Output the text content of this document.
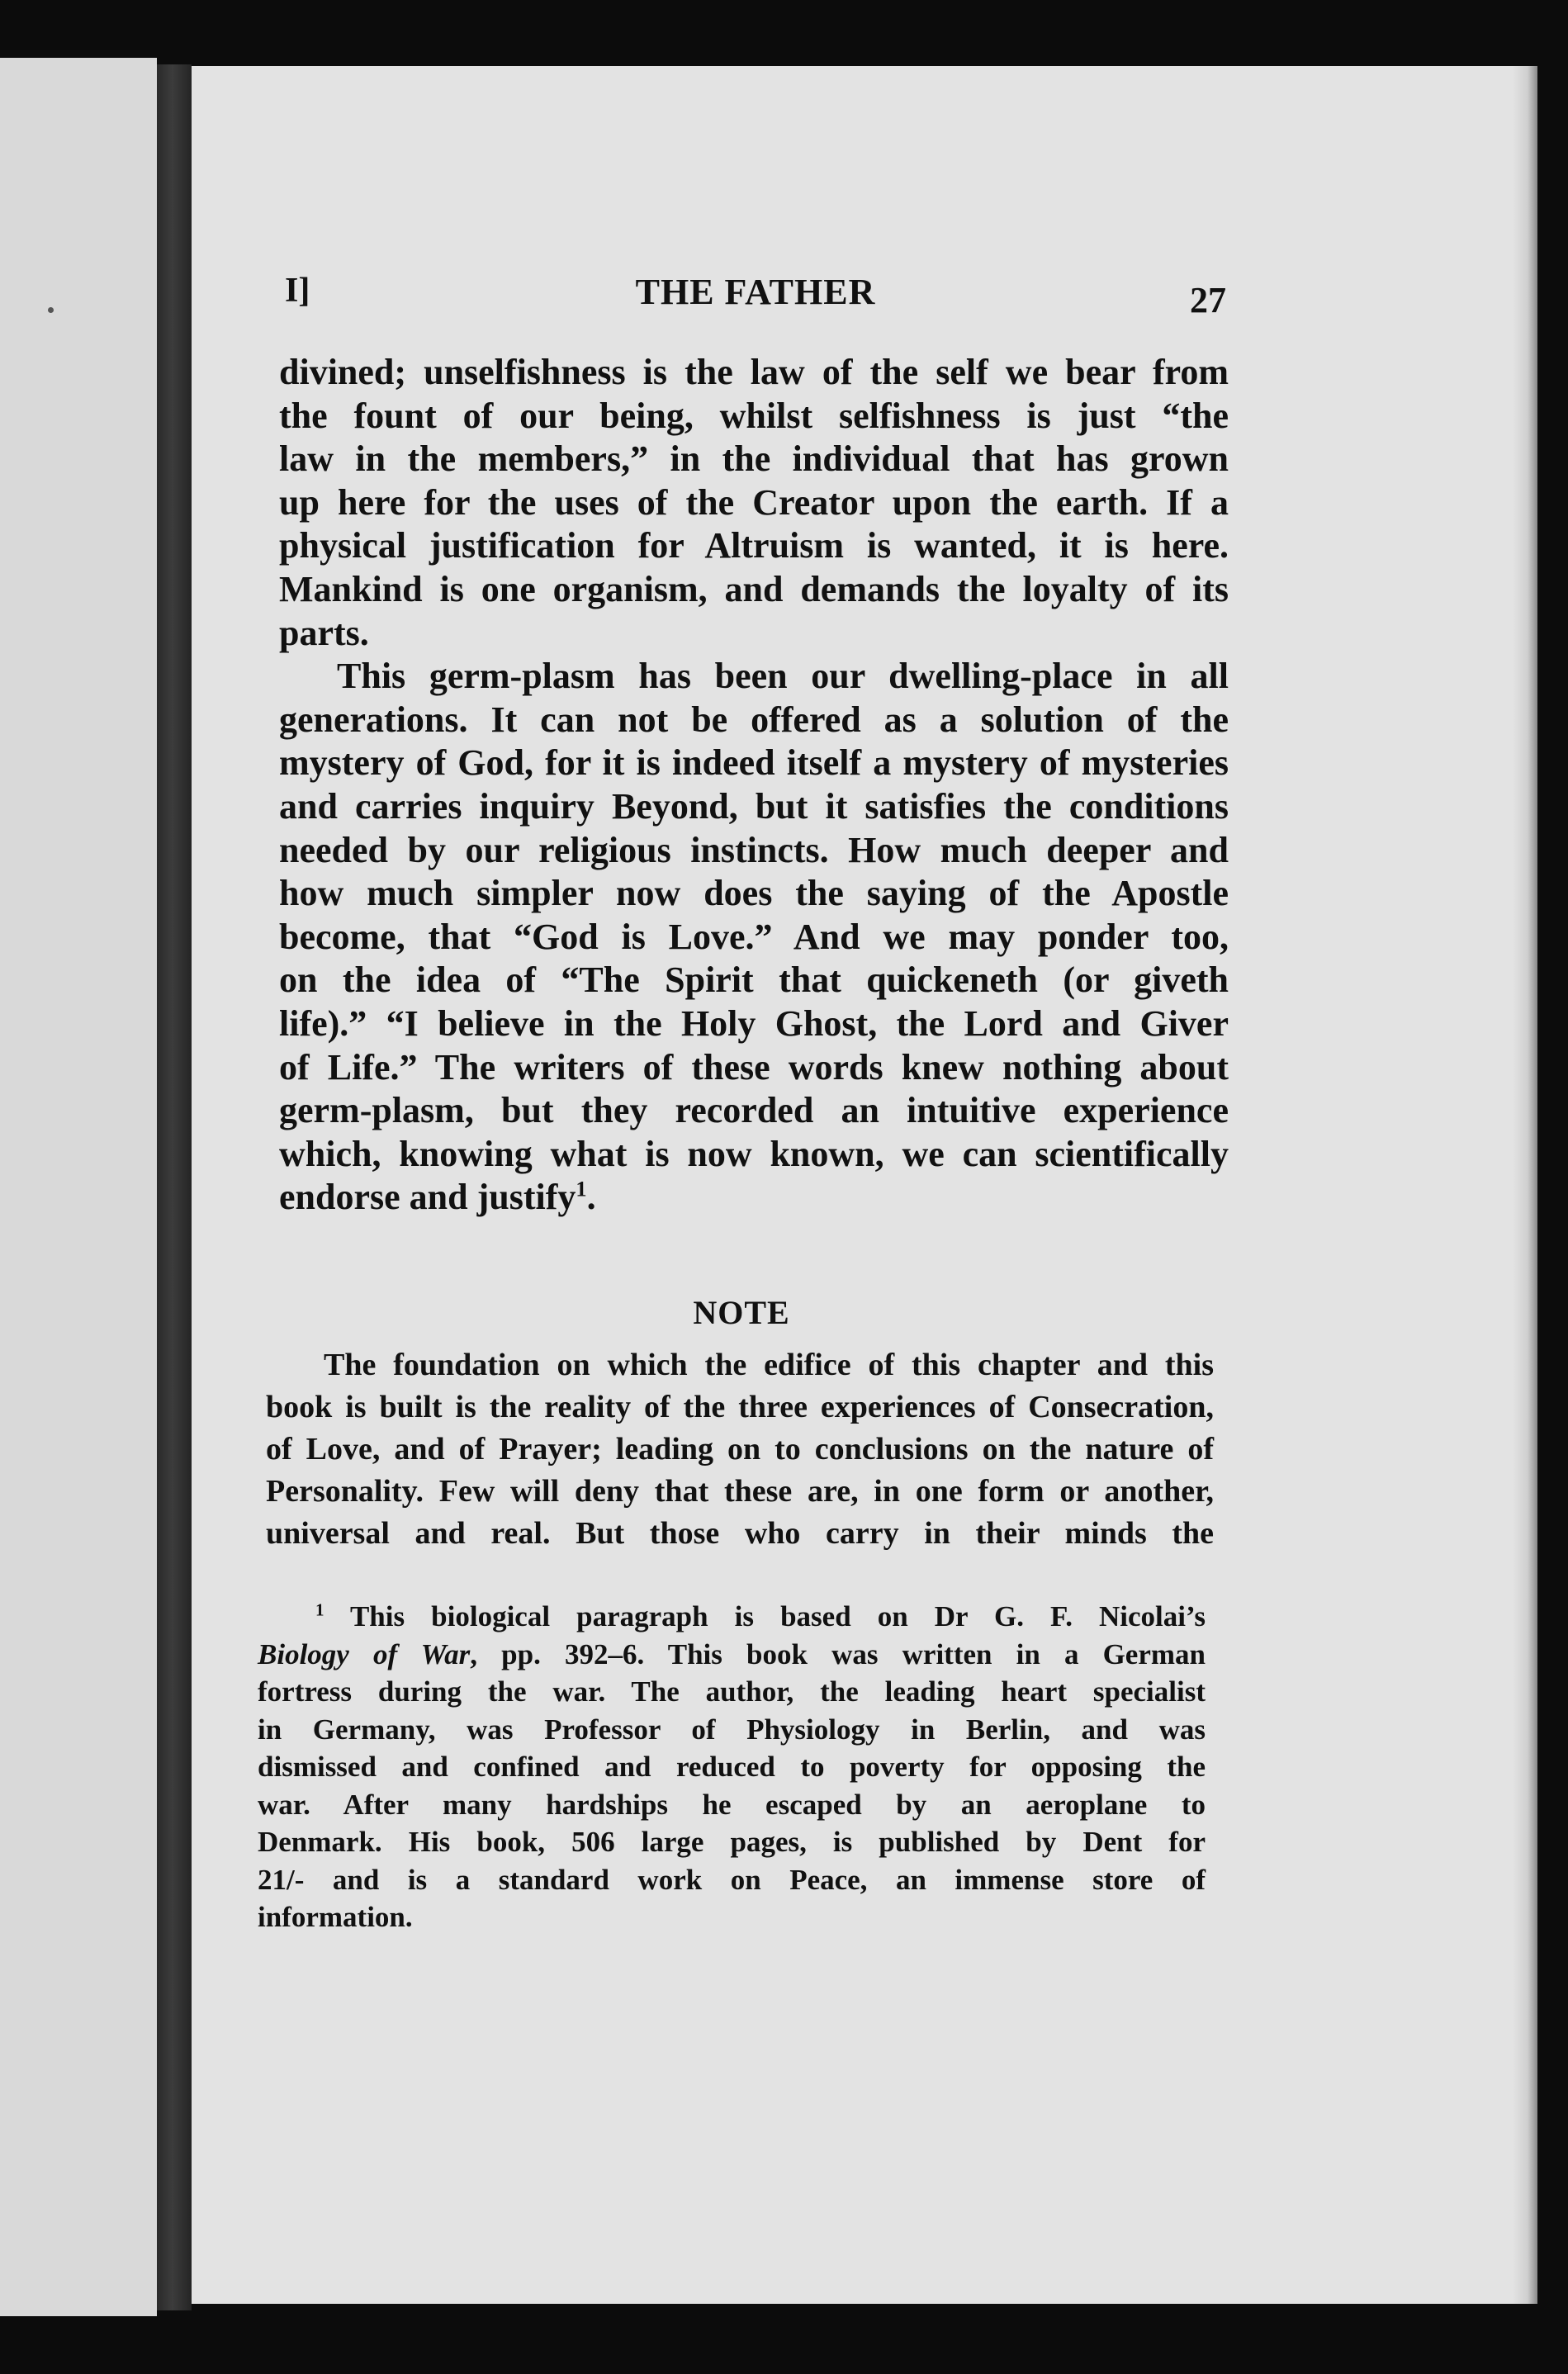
I]	THE FATHER	27
divined; unselfishness is the law of the self we bear from
the fount of our being, whilst selfishness is just “the
law in the members,” in the individual that has grown
up here for the uses of the Creator upon the earth. If a
physical justification for Altruism is wanted, it is here.
Mankind is one organism, and demands the loyalty of its
parts.
This germ-plasm has been our dwelling-place in all
generations. It can not be offered as a solution of the
mystery of God, for it is indeed itself a mystery of mysteries
and carries inquiry Beyond, but it satisfies the conditions
needed by our religious instincts. How much deeper and
how much simpler now does the saying of the Apostle
become, that “God is Love.” And we may ponder too,
on the idea of “The Spirit that quickeneth (or giveth
life).” “I believe in the Holy Ghost, the Lord and Giver
of Life.” The writers of these words knew nothing about
germ-plasm, but they recorded an intuitive experience
which, knowing what is now known, we can scientifically
endorse and justify$^1$.
NOTE
The foundation on which the edifice of this chapter and this
book is built is the reality of the three experiences of Consecration,
of Love, and of Prayer; leading on to conclusions on the nature of
Personality. Few will deny that these are, in one form or another,
universal and real. But those who carry in their minds the
$^1$ This biological paragraph is based on Dr G. F. Nicolai’s
Biology of War, pp. 392–6. This book was written in a German
fortress during the war. The author, the leading heart specialist
in Germany, was Professor of Physiology in Berlin, and was
dismissed and confined and reduced to poverty for opposing the
war. After many hardships he escaped by an aeroplane to
Denmark. His book, 506 large pages, is published by Dent for
21/- and is a standard work on Peace, an immense store of
information.
